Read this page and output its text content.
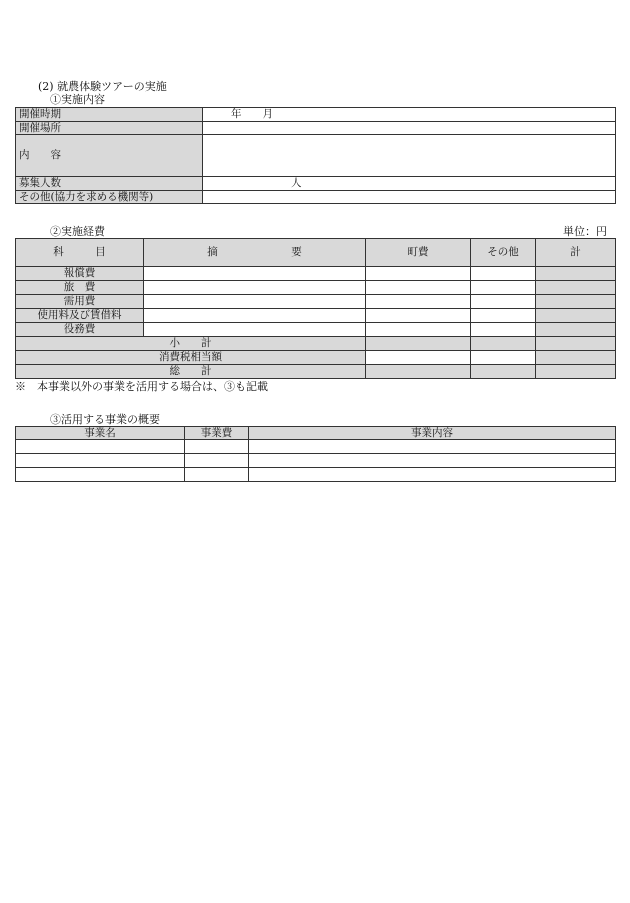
(2) 就農体験ツアーの実施
①実施内容
開催時期	年　　月
開催場所	
内　　容	
募集人数	人
その他(協力を求める機関等)	
②実施経費	単位：円
科　　　目	摘　　　　　　　要	町費	その他	計
報償費				
旅　費				
需用費				
使用料及び賃借料				
役務費				
小　　計				
消費税相当額				
総　　計				
※　本事業以外の事業を活用する場合は、③も記載
③活用する事業の概要
事業名	事業費	事業内容
